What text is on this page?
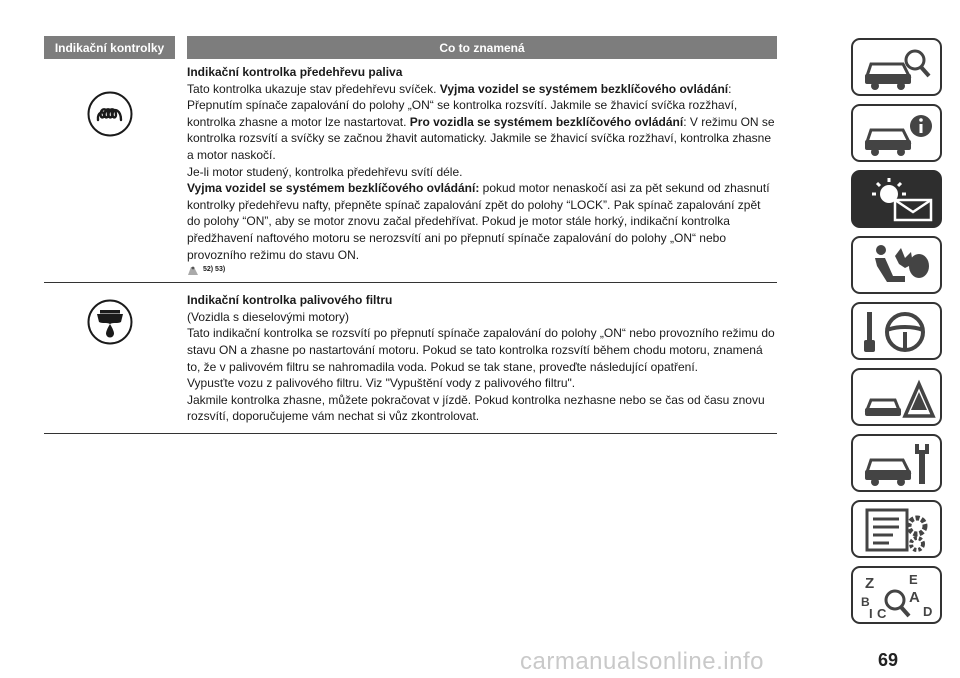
Indikační kontrolky	Co to znamená

Indikační kontrolka předehřevu paliva

Tato kontrolka ukazuje stav předehřevu svíček. Vyjma vozidel se systémem bezklíčového ovládání:

Přepnutím spínače zapalování do polohy „ON“ se kontrolka rozsvítí. Jakmile se žhavicí svíčka rozžhaví, kontrolka zhasne a motor lze nastartovat. Pro vozidla se systémem bezklíčového ovládání: V režimu ON se kontrolka rozsvítí a svíčky se začnou žhavit automaticky. Jakmile se žhavicí svíčka rozžhaví, kontrolka zhasne a motor naskočí.

Je-li motor studený, kontrolka předehřevu svítí déle.

Vyjma vozidel se systémem bezklíčového ovládání: pokud motor nenaskočí asi za pět sekund od zhasnutí kontrolky předehřevu nafty, přepněte spínač zapalování zpět do polohy “LOCK”. Pak spínač zapalování zpět do polohy “ON”, aby se motor znovu začal předehřívat. Pokud je motor stále horký, indikační kontrolka předžhavení naftového motoru se nerozsvítí ani po přepnutí spínače zapalování do polohy „ON“ nebo provozního režimu do stavu ON.

52) 53)

Indikační kontrolka palivového filtru

(Vozidla s dieselovými motory)

Tato indikační kontrolka se rozsvítí po přepnutí spínače zapalování do polohy „ON“ nebo provozního režimu do stavu ON a zhasne po nastartování motoru. Pokud se tato kontrolka rozsvítí během chodu motoru, znamená to, že v palivovém filtru se nahromadila voda. Pokud se tak stane, proveďte následující opatření.

Vypusťte vozu z palivového filtru. Viz "Vypuštění vody z palivového filtru".

Jakmile kontrolka zhasne, můžete pokračovat v jízdě. Pokud kontrolka nezhasne nebo se čas od času znovu rozsvítí, doporučujeme vám nechat si vůz zkontrolovat.

Z	E
B	A
I C	D
carmanualsonline.info	69
